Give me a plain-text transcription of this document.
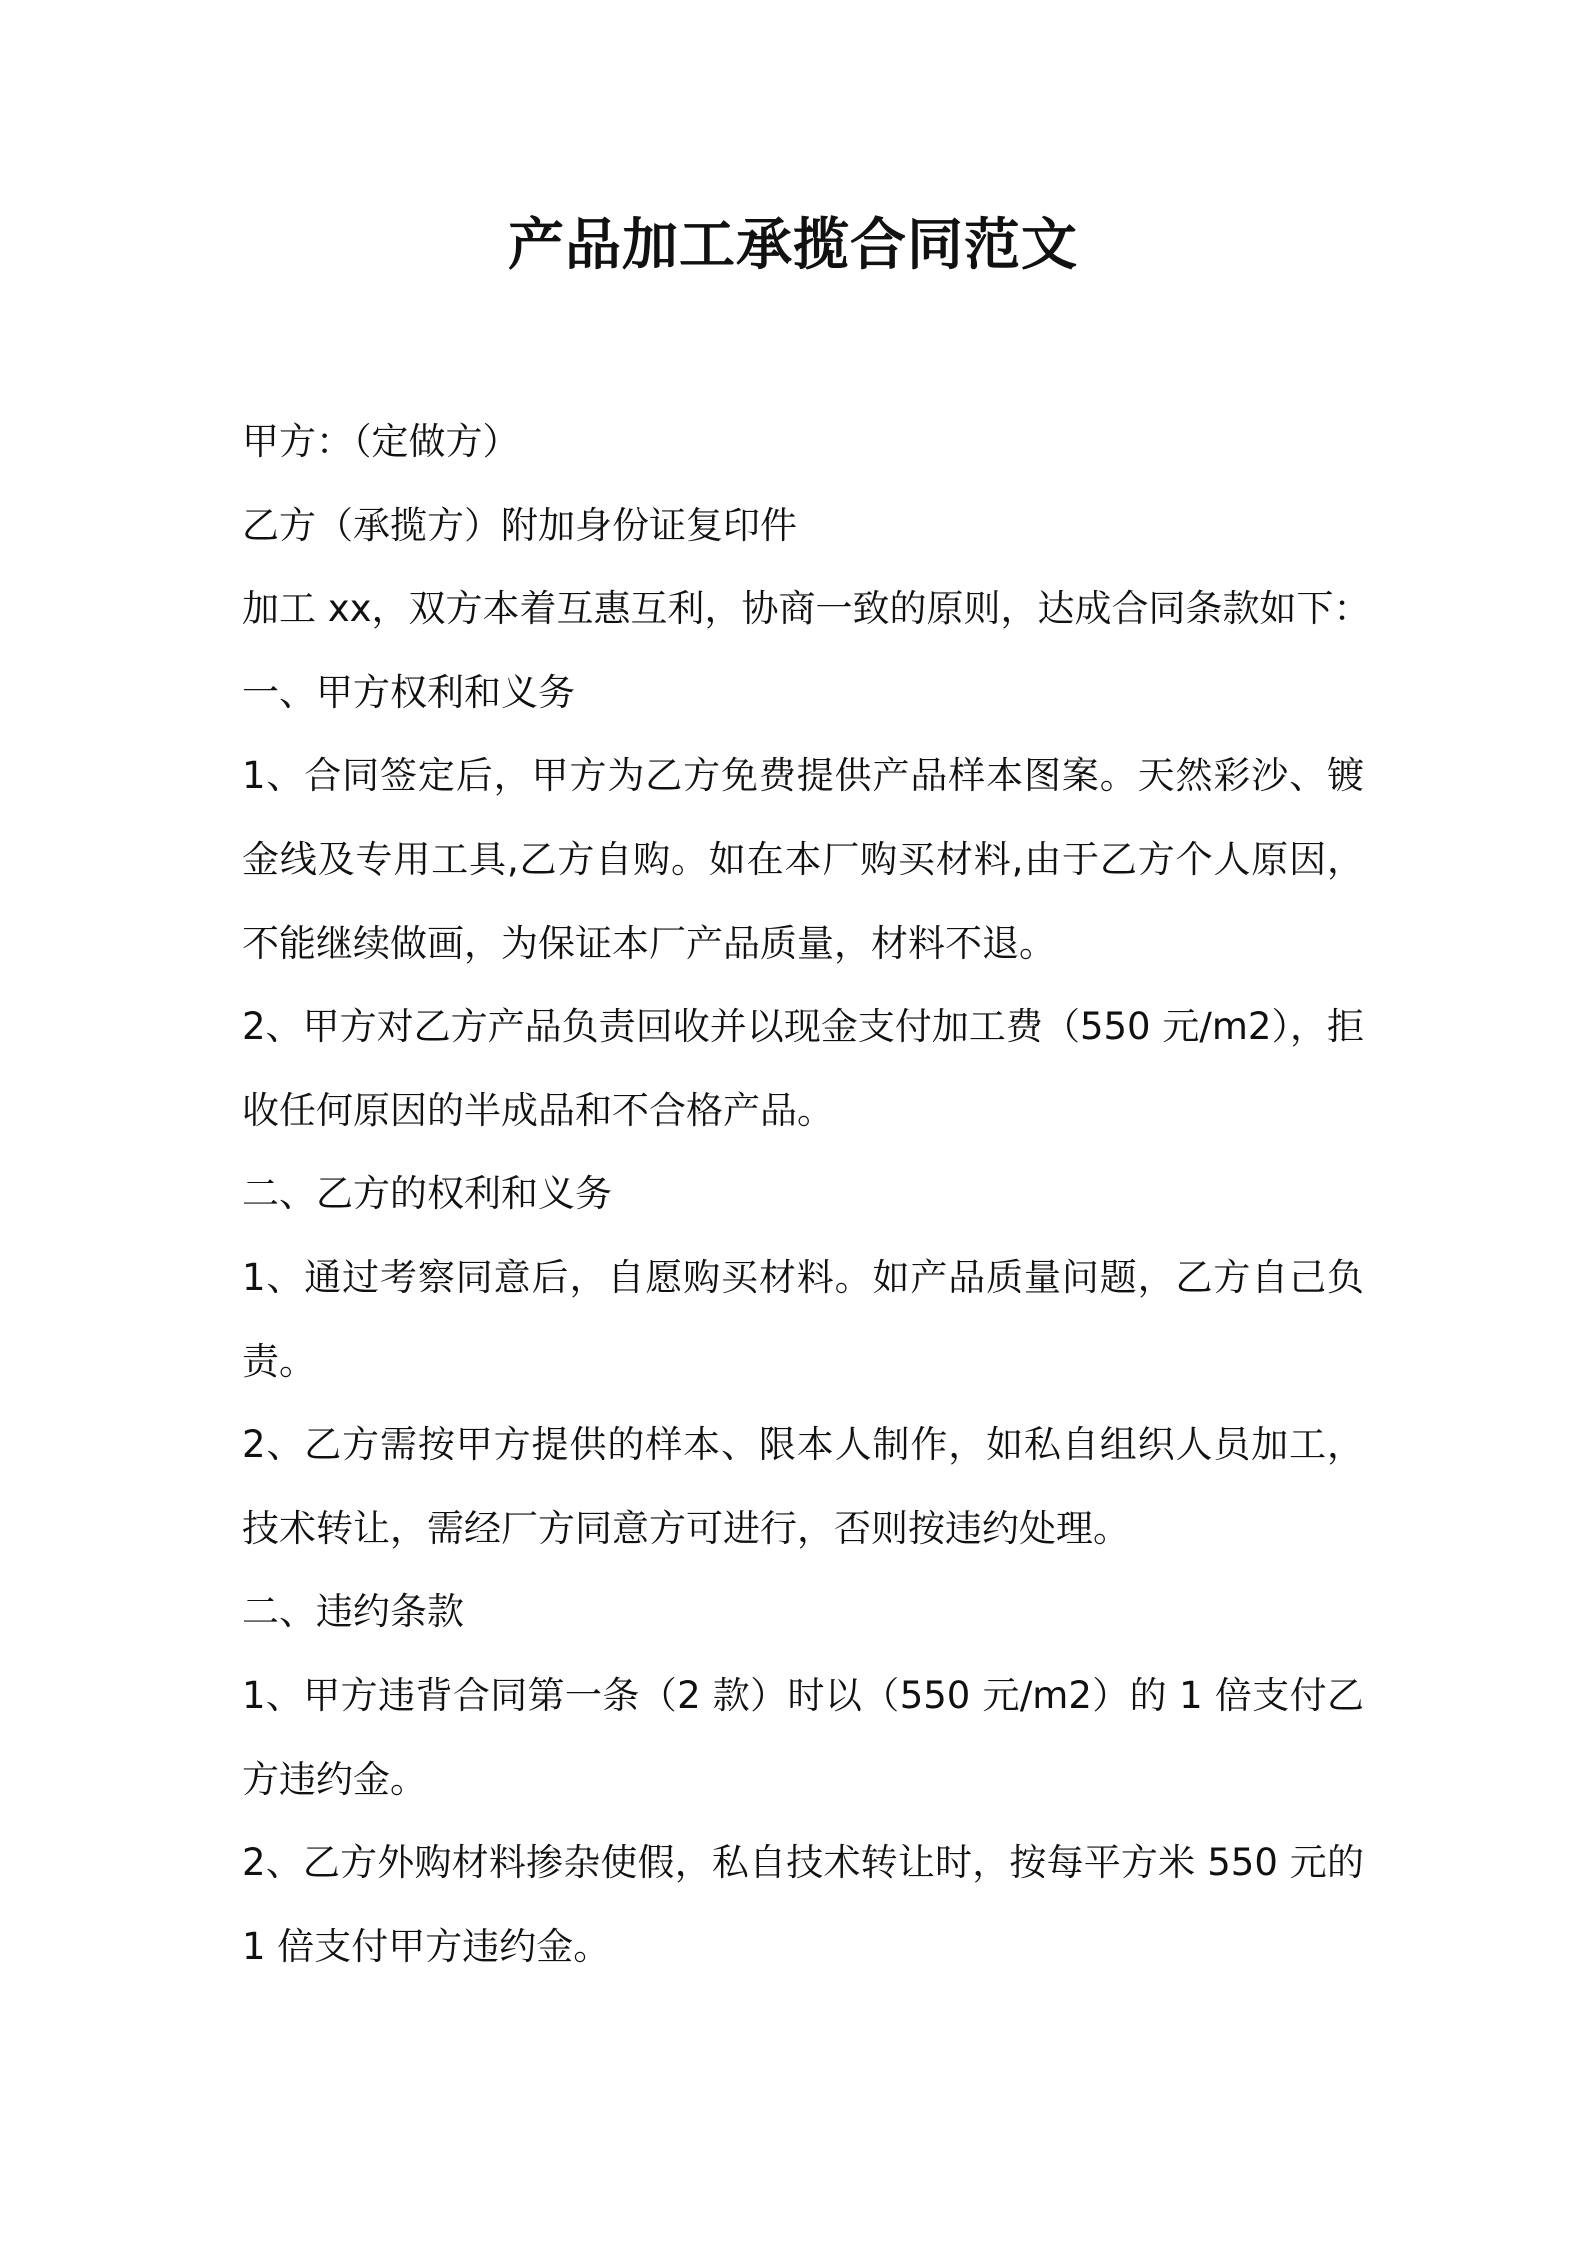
产品加工承揽合同范文
甲方：（定做方）
乙方（承揽方）附加身份证复印件
加工 xx，双方本着互惠互利，协商一致的原则，达成合同条款如下：
一、甲方权利和义务
1、合同签定后，甲方为乙方免费提供产品样本图案。天然彩沙、镀
金线及专用工具,乙方自购。如在本厂购买材料,由于乙方个人原因，
不能继续做画，为保证本厂产品质量，材料不退。
2、甲方对乙方产品负责回收并以现金支付加工费（550 元/m2），拒
收任何原因的半成品和不合格产品。
二、乙方的权利和义务
1、通过考察同意后，自愿购买材料。如产品质量问题，乙方自己负
责。
2、乙方需按甲方提供的样本、限本人制作，如私自组织人员加工，
技术转让，需经厂方同意方可进行，否则按违约处理。
二、违约条款
1、甲方违背合同第一条（2 款）时以（550 元/m2）的 1 倍支付乙
方违约金。
2、乙方外购材料掺杂使假，私自技术转让时，按每平方米 550 元的
1 倍支付甲方违约金。
